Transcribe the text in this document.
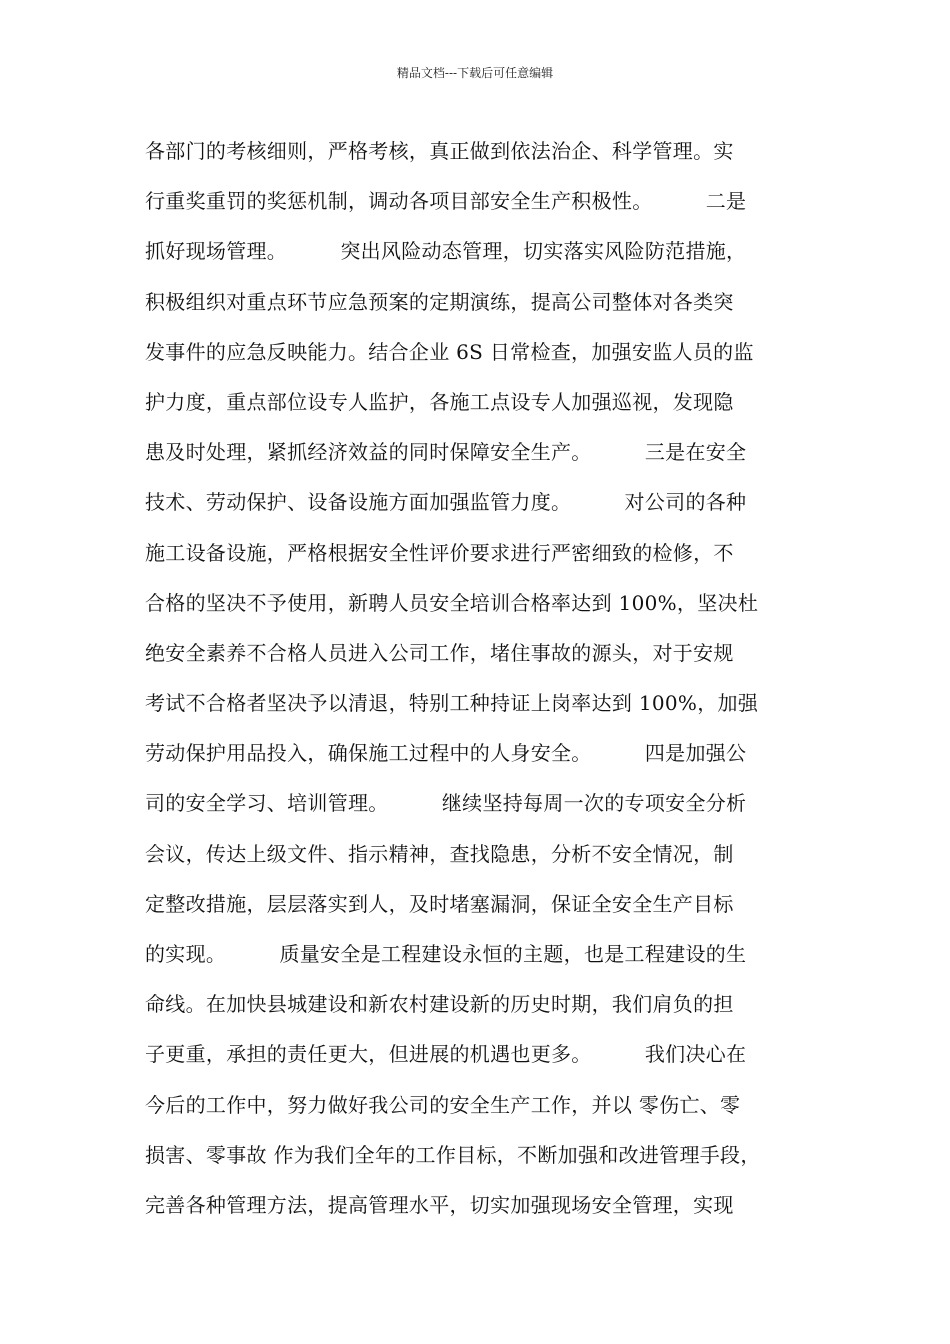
精品文档---下载后可任意编辑
各部门的考核细则，严格考核，真正做到依法治企、科学管理。实
行重奖重罚的奖惩机制，调动各项目部安全生产积极性。        二是
抓好现场管理。        突出风险动态管理，切实落实风险防范措施，
积极组织对重点环节应急预案的定期演练，提高公司整体对各类突
发事件的应急反映能力。结合企业 6S 日常检查，加强安监人员的监
护力度，重点部位设专人监护，各施工点设专人加强巡视，发现隐
患及时处理，紧抓经济效益的同时保障安全生产。        三是在安全
技术、劳动保护、设备设施方面加强监管力度。        对公司的各种
施工设备设施，严格根据安全性评价要求进行严密细致的检修，不
合格的坚决不予使用，新聘人员安全培训合格率达到 100%，坚决杜
绝安全素养不合格人员进入公司工作，堵住事故的源头，对于安规
考试不合格者坚决予以清退，特别工种持证上岗率达到 100%，加强
劳动保护用品投入，确保施工过程中的人身安全。        四是加强公
司的安全学习、培训管理。        继续坚持每周一次的专项安全分析
会议，传达上级文件、指示精神，查找隐患，分析不安全情况，制
定整改措施，层层落实到人，及时堵塞漏洞，保证全安全生产目标
的实现。        质量安全是工程建设永恒的主题，也是工程建设的生
命线。在加快县城建设和新农村建设新的历史时期，我们肩负的担
子更重，承担的责任更大，但进展的机遇也更多。        我们决心在
今后的工作中，努力做好我公司的安全生产工作，并以 零伤亡、零
损害、零事故 作为我们全年的工作目标，不断加强和改进管理手段，
完善各种管理方法，提高管理水平，切实加强现场安全管理，实现
